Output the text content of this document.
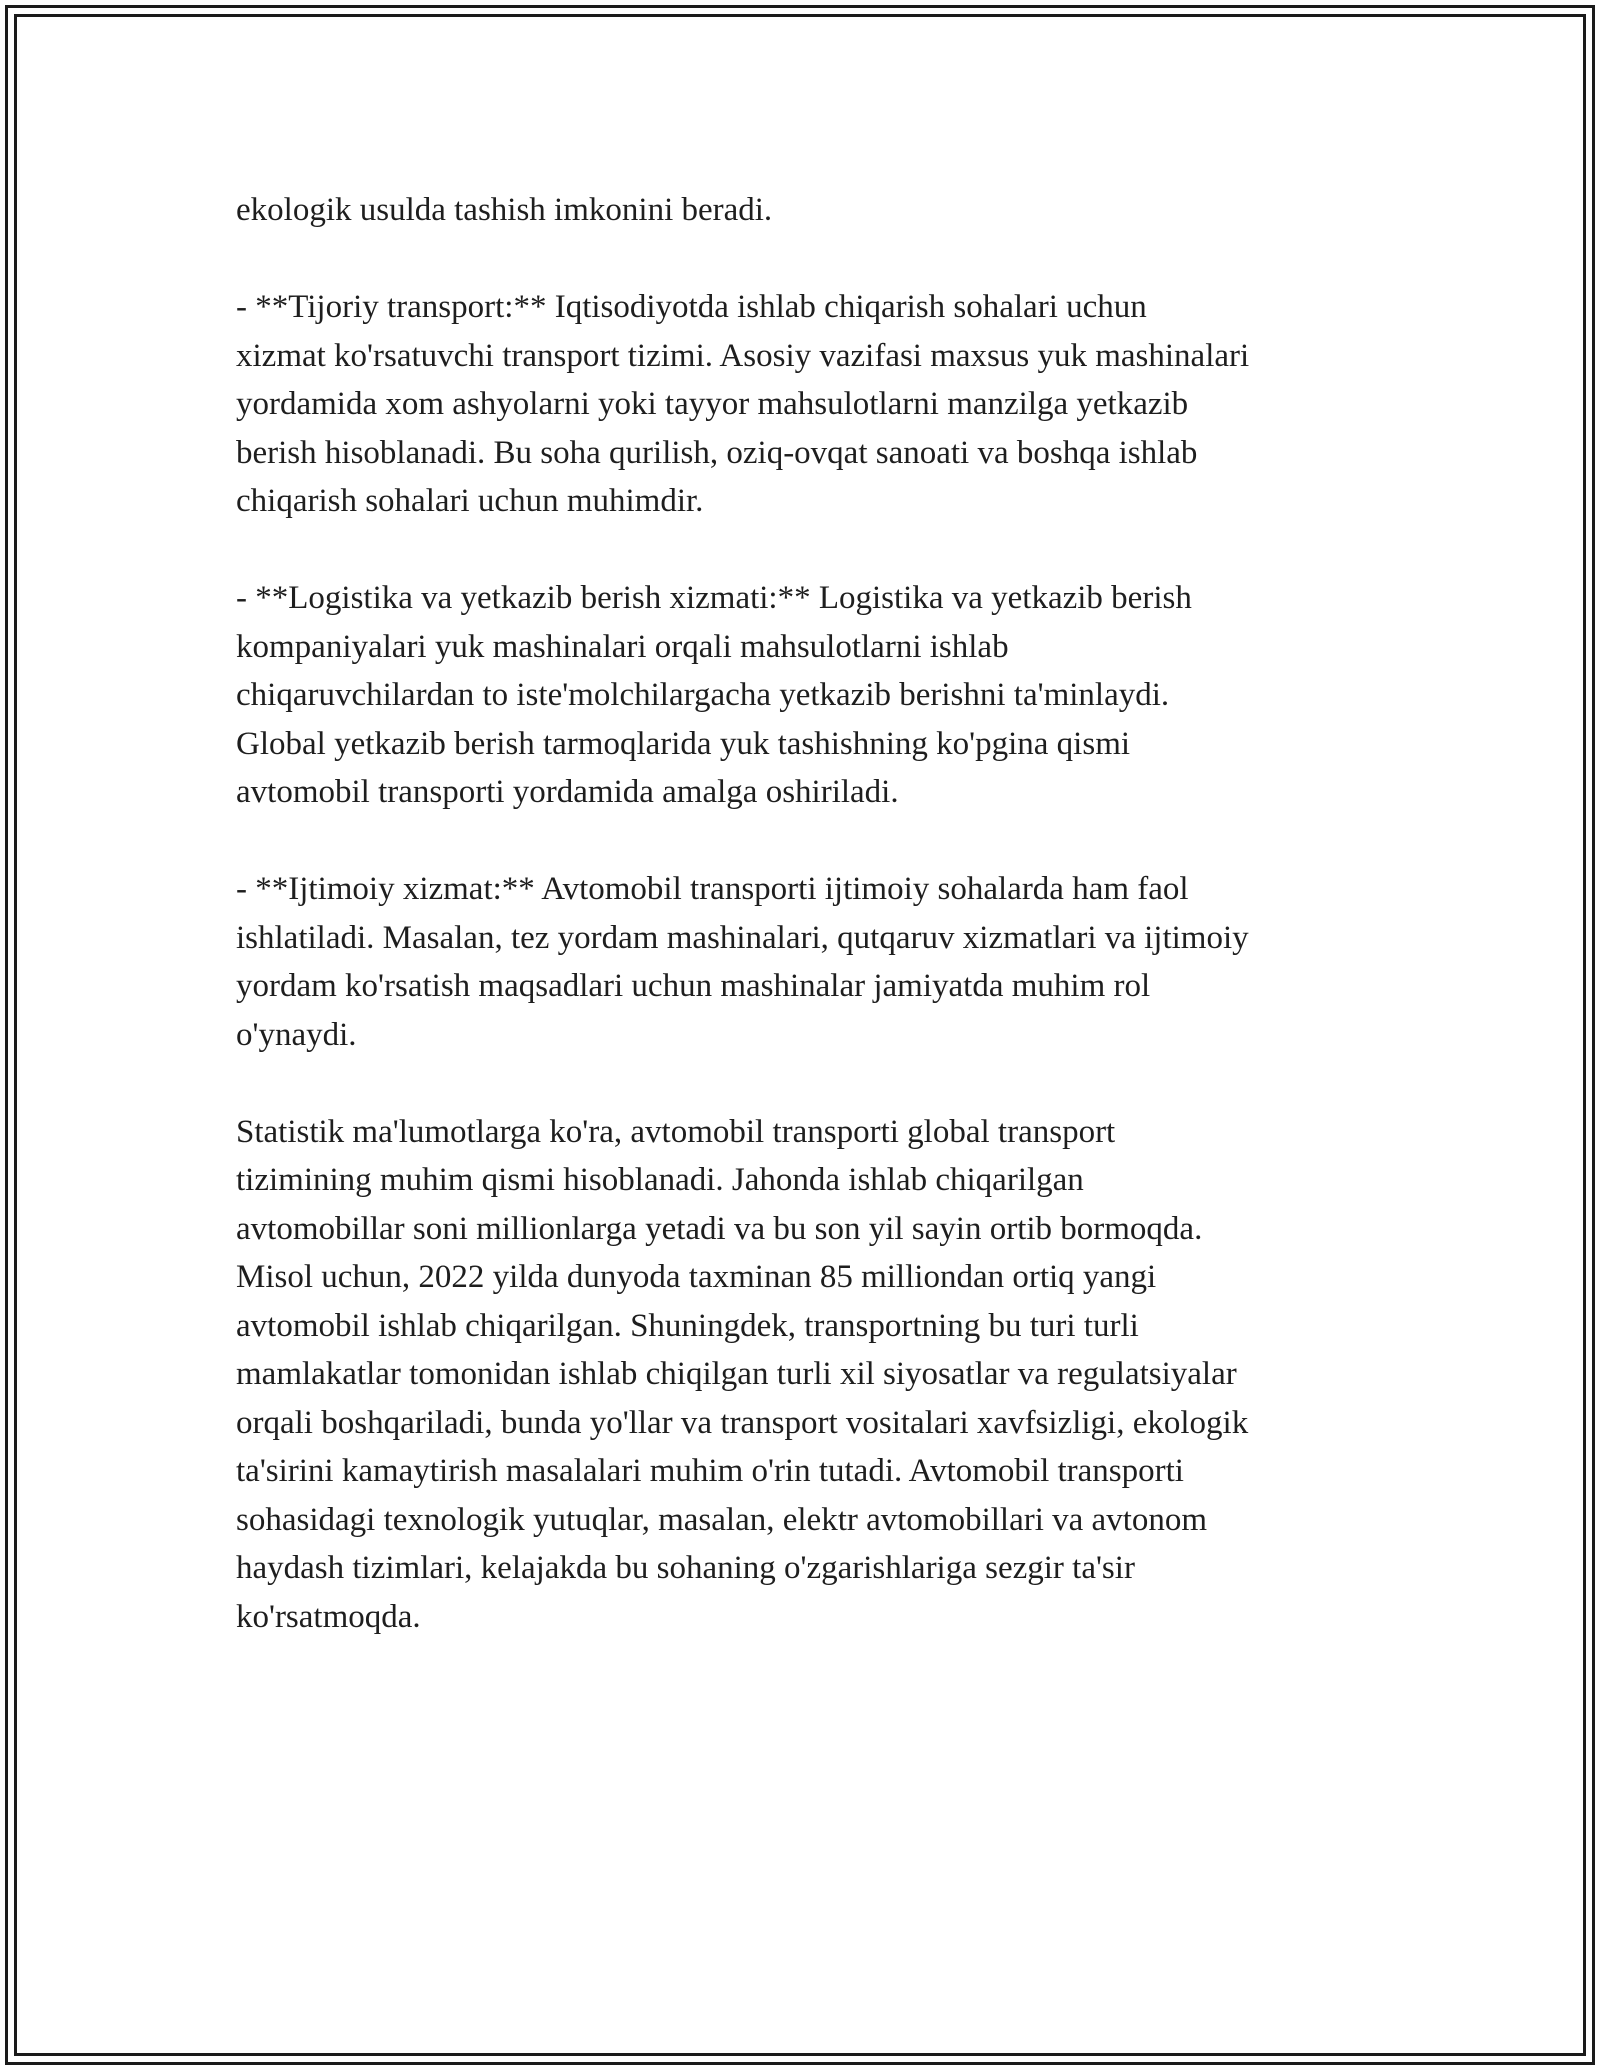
ekologik usulda tashish imkonini beradi.

- **Tijoriy transport:** Iqtisodiyotda ishlab chiqarish sohalari uchun
xizmat ko'rsatuvchi transport tizimi. Asosiy vazifasi maxsus yuk mashinalari
yordamida xom ashyolarni yoki tayyor mahsulotlarni manzilga yetkazib
berish hisoblanadi. Bu soha qurilish, oziq-ovqat sanoati va boshqa ishlab
chiqarish sohalari uchun muhimdir.

- **Logistika va yetkazib berish xizmati:** Logistika va yetkazib berish
kompaniyalari yuk mashinalari orqali mahsulotlarni ishlab
chiqaruvchilardan to iste'molchilargacha yetkazib berishni ta'minlaydi.
Global yetkazib berish tarmoqlarida yuk tashishning ko'pgina qismi
avtomobil transporti yordamida amalga oshiriladi.

- **Ijtimoiy xizmat:** Avtomobil transporti ijtimoiy sohalarda ham faol
ishlatiladi. Masalan, tez yordam mashinalari, qutqaruv xizmatlari va ijtimoiy
yordam ko'rsatish maqsadlari uchun mashinalar jamiyatda muhim rol
o'ynaydi.

Statistik ma'lumotlarga ko'ra, avtomobil transporti global transport
tizimining muhim qismi hisoblanadi. Jahonda ishlab chiqarilgan
avtomobillar soni millionlarga yetadi va bu son yil sayin ortib bormoqda.
Misol uchun, 2022 yilda dunyoda taxminan 85 milliondan ortiq yangi
avtomobil ishlab chiqarilgan. Shuningdek, transportning bu turi turli
mamlakatlar tomonidan ishlab chiqilgan turli xil siyosatlar va regulatsiyalar
orqali boshqariladi, bunda yo'llar va transport vositalari xavfsizligi, ekologik
ta'sirini kamaytirish masalalari muhim o'rin tutadi. Avtomobil transporti
sohasidagi texnologik yutuqlar, masalan, elektr avtomobillari va avtonom
haydash tizimlari, kelajakda bu sohaning o'zgarishlariga sezgir ta'sir
ko'rsatmoqda.
